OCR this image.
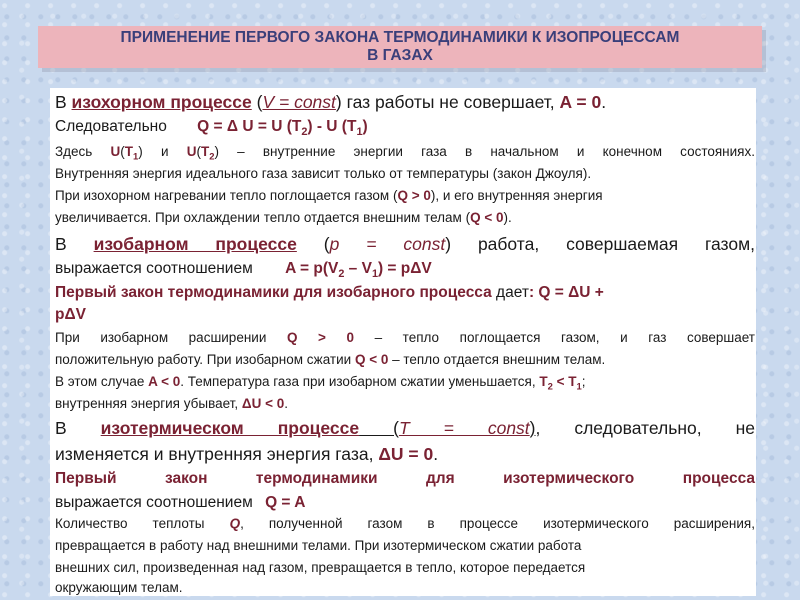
ПРИМЕНЕНИЕ ПЕРВОГО ЗАКОНА ТЕРМОДИНАМИКИ К ИЗОПРОЦЕССАМ
В ГАЗАХ
В изохорном процессе (V = const) газ работы не совершает, A = 0.
Следовательно Q = Δ U = U $(T_2)$ - U $(T_1)$
Здесь $U(T_1)$ и $U(T_2)$ – внутренние энергии газа в начальном и конечном состояниях.
Внутренняя энергия идеального газа зависит только от температуры (закон Джоуля).
При изохорном нагревании тепло поглощается газом (Q > 0), и его внутренняя энергия
увеличивается. При охлаждении тепло отдается внешним телам (Q < 0).
В изобарном процессе (p = const) работа, совершаемая газом,
выражается соотношением $A = p(V_2 - V_1) = p\Delta V$
Первый закон термодинамики для изобарного процесса дает: Q = ΔU +
pΔV
При изобарном расширении Q > 0 – тепло поглощается газом, и газ совершает
положительную работу. При изобарном сжатии Q < 0 – тепло отдается внешним телам.
В этом случае A < 0. Температура газа при изобарном сжатии уменьшается, $T_2 < T_1$;
внутренняя энергия убывает, ΔU < 0.
В изотермическом процессе (T = const), следовательно, не
изменяется и внутренняя энергия газа, ΔU = 0.
Первый закон термодинамики для изотермического процесса
выражается соотношением Q = A
Количество теплоты Q, полученной газом в процессе изотермического расширения,
превращается в работу над внешними телами. При изотермическом сжатии работа
внешних сил, произведенная над газом, превращается в тепло, которое передается
окружающим телам.
